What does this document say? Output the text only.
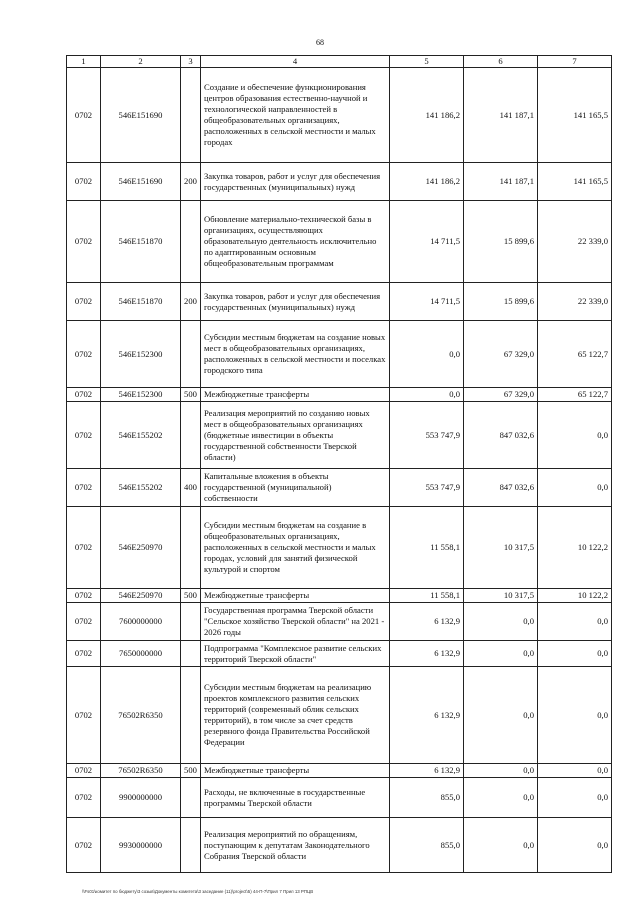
68
1	2	3	4	5	6	7
0702	546E151690		Создание и обеспечение функционирования центров образования естественно-научной и технологической направленностей в общеобразовательных организациях, расположенных в сельской местности и малых городах	141 186,2	141 187,1	141 165,5
0702	546E151690	200	Закупка товаров, работ и услуг для обеспечения государственных (муниципальных) нужд	141 186,2	141 187,1	141 165,5
0702	546E151870		Обновление материально-технической базы в организациях, осуществляющих образовательную деятельность исключительно по адаптированным основным общеобразовательным программам	14 711,5	15 899,6	22 339,0
0702	546E151870	200	Закупка товаров, работ и услуг для обеспечения государственных (муниципальных) нужд	14 711,5	15 899,6	22 339,0
0702	546E152300		Субсидии местным бюджетам на создание новых мест в общеобразовательных организациях, расположенных в сельской местности и поселках городского типа	0,0	67 329,0	65 122,7
0702	546E152300	500	Межбюджетные трансферты	0,0	67 329,0	65 122,7
0702	546E155202		Реализация мероприятий по созданию новых мест в общеобразовательных организациях (бюджетные инвестиции в объекты государственной собственности Тверской области)	553 747,9	847 032,6	0,0
0702	546E155202	400	Капитальные вложения в объекты государственной (муниципальной) собственности	553 747,9	847 032,6	0,0
0702	546E250970		Субсидии местным бюджетам на создание в общеобразовательных организациях, расположенных в сельской местности и малых городах, условий для занятий физической культурой и спортом	11 558,1	10 317,5	10 122,2
0702	546E250970	500	Межбюджетные трансферты	11 558,1	10 317,5	10 122,2
0702	7600000000		Государственная программа Тверской области "Сельское хозяйство Тверской области" на 2021 - 2026 годы	6 132,9	0,0	0,0
0702	7650000000		Подпрограмма "Комплексное развитие сельских территорий Тверской области"	6 132,9	0,0	0,0
0702	76502R6350		Субсидии местным бюджетам на реализацию проектов комплексного развития сельских территорий (современный облик сельских территорий), в том числе за счет средств резервного фонда Правительства Российской Федерации	6 132,9	0,0	0,0
0702	76502R6350	500	Межбюджетные трансферты	6 132,9	0,0	0,0
0702	9900000000		Расходы, не включенные в государственные программы Тверской области	855,0	0,0	0,0
0702	9930000000		Реализация мероприятий по обращениям, поступающим к депутатам Законодательного Собрания Тверской области	855,0	0,0	0,0
\\Fs01\комитет по бюджету\3 созыв\Документы комитета\3 заседание (11)\project\5) 44-П-7\Прил 7 Прил 13 РПЦВ
